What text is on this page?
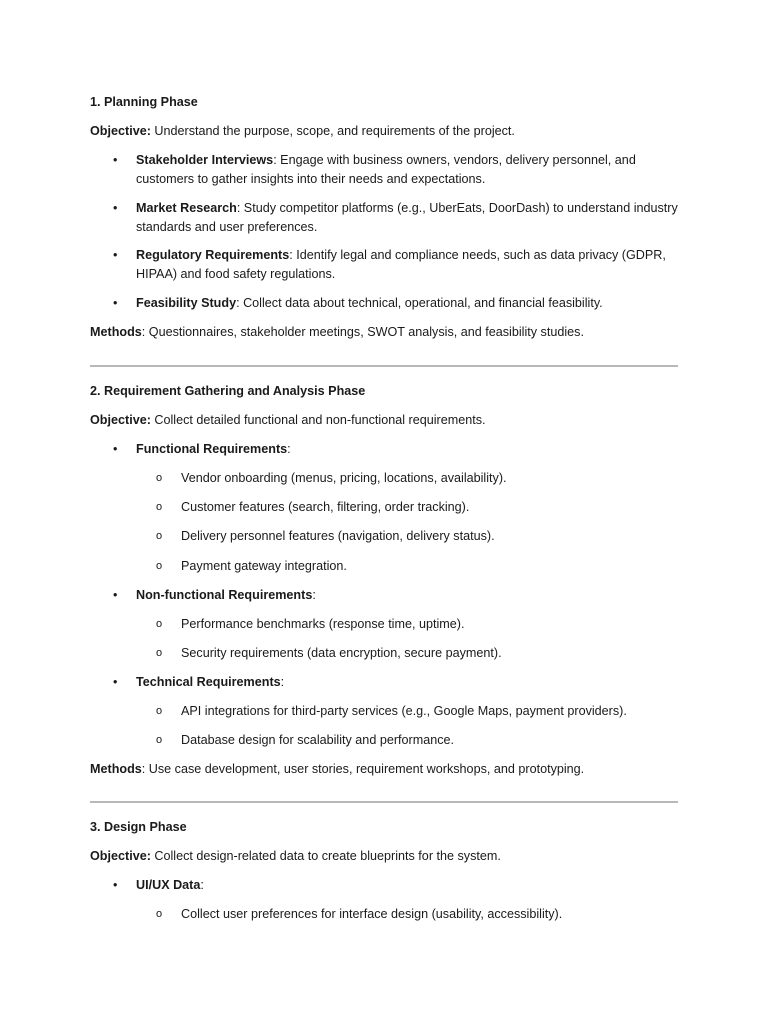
1. Planning Phase
Objective: Understand the purpose, scope, and requirements of the project.
•	Stakeholder Interviews: Engage with business owners, vendors, delivery personnel, and customers to gather insights into their needs and expectations.
•	Market Research: Study competitor platforms (e.g., UberEats, DoorDash) to understand industry standards and user preferences.
•	Regulatory Requirements: Identify legal and compliance needs, such as data privacy (GDPR, HIPAA) and food safety regulations.
•	Feasibility Study: Collect data about technical, operational, and financial feasibility.
Methods: Questionnaires, stakeholder meetings, SWOT analysis, and feasibility studies.
2. Requirement Gathering and Analysis Phase
Objective: Collect detailed functional and non-functional requirements.
•	Functional Requirements:
o	Vendor onboarding (menus, pricing, locations, availability).
o	Customer features (search, filtering, order tracking).
o	Delivery personnel features (navigation, delivery status).
o	Payment gateway integration.
•	Non-functional Requirements:
o	Performance benchmarks (response time, uptime).
o	Security requirements (data encryption, secure payment).
•	Technical Requirements:
o	API integrations for third-party services (e.g., Google Maps, payment providers).
o	Database design for scalability and performance.
Methods: Use case development, user stories, requirement workshops, and prototyping.
3. Design Phase
Objective: Collect design-related data to create blueprints for the system.
•	UI/UX Data:
o	Collect user preferences for interface design (usability, accessibility).
